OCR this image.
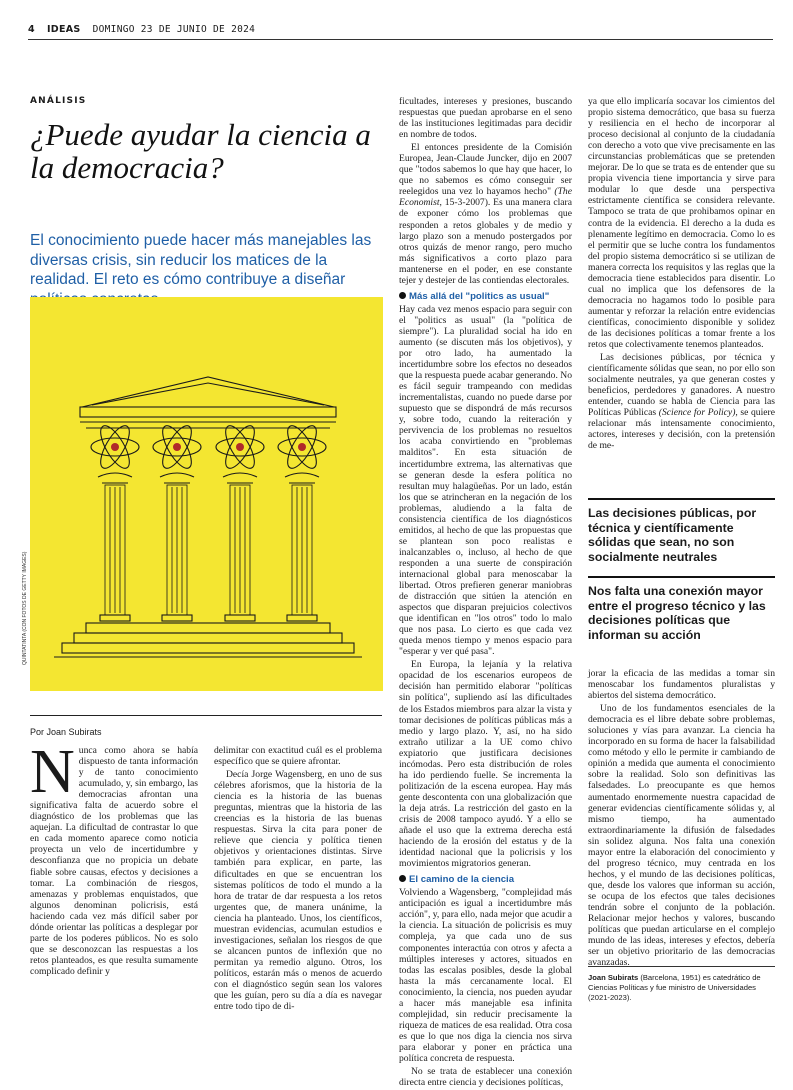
4 IDEAS DOMINGO 23 DE JUNIO DE 2024
ANÁLISIS
¿Puede ayudar la ciencia a la democracia?
El conocimiento puede hacer más manejables las diversas crisis, sin reducir los matices de la realidad. El reto es cómo contribuye a diseñar
QUINTATINTA (CON FOTOS DE GETTY IMAGES)
Por Joan Subirats

Nunca como ahora se había dispuesto de tanta información y de tanto conocimiento acumulado, y, sin embargo, las democracias afrontan una significativa falta de acuerdo sobre el diagnóstico de los problemas que las aquejan. La dificultad de contrastar lo que en cada momento aparece como noticia proyecta un velo de incertidumbre y desconfianza que no propicia un debate fiable sobre causas, efectos y decisiones a tomar. La combinación de riesgos, amenazas y problemas enquistados, que algunos denominan policrisis, está haciendo cada vez más difícil saber por dónde orientar las políticas a desplegar por parte de los poderes públicos. No es solo que se desconozcan las respuestas a los retos planteados, es que resulta sumamente complicado definir y

delimitar con exactitud cuál es el problema específico que se quiere afrontar.

Decía Jorge Wagensberg, en uno de sus célebres aforismos, que la historia de la ciencia es la historia de las buenas preguntas, mientras que la historia de las creencias es la historia de las buenas respuestas. Sirva la cita para poner de relieve que ciencia y política tienen objetivos y orientaciones distintas. Sirve también para explicar, en parte, las dificultades en que se encuentran los sistemas políticos de todo el mundo a la hora de tratar de dar respuesta a los retos urgentes que, de manera unánime, la ciencia ha planteado. Unos, los científicos, muestran evidencias, acumulan estudios e investigaciones, señalan los riesgos de que se alcancen puntos de inflexión que no permitan ya remedio alguno. Otros, los políticos, estarán más o menos de acuerdo con el diagnóstico según sean los valores que les guían, pero su día a día es navegar entre todo tipo de di-

ficultades, intereses y presiones, buscando respuestas que puedan aprobarse en el seno de las instituciones legitimadas para decidir en nombre de todos.

El entonces presidente de la Comisión Europea, Jean-Claude Juncker, dijo en 2007 que "todos sabemos lo que hay que hacer, lo que no sabemos es cómo conseguir ser reelegidos una vez lo hayamos hecho" (The Economist, 15-3-2007). Es una manera clara de exponer cómo los problemas que responden a retos globales y de medio y largo plazo son a menudo postergados por otros quizás de menor rango, pero mucho más significativos a corto plazo para mantenerse en el poder, en ese constante tejer y destejer de las contiendas electorales.

Más allá del "politics as usual"

Hay cada vez menos espacio para seguir con el "politics as usual" (la "política de siempre"). La pluralidad social ha ido en aumento (se discuten más los objetivos), y por otro lado, ha aumentado la incertidumbre sobre los efectos no deseados que la respuesta puede acabar generando. No es fácil seguir trampeando con medidas incrementalistas, cuando no puede darse por supuesto que se dispondrá de más recursos y, sobre todo, cuando la reiteración y pervivencia de los problemas no resueltos los acaba convirtiendo en "problemas malditos". En esta situación de incertidumbre extrema, las alternativas que se generan desde la esfera política no resultan muy halagüeñas. Por un lado, están los que se atrincheran en la negación de los problemas, aludiendo a la falta de consistencia científica de los diagnósticos emitidos, al hecho de que las propuestas que se plantean son poco realistas e inalcanzables o, incluso, al hecho de que responden a una suerte de conspiración internacional global para menoscabar la libertad. Otros prefieren generar maniobras de distracción que sitúen la atención en aspectos que disparan prejuicios colectivos que identifican en "los otros" todo lo malo que nos pasa. Lo cierto es que cada vez queda menos tiempo y menos espacio para "esperar y ver qué pasa".

En Europa, la lejanía y la relativa opacidad de los escenarios europeos de decisión han permitido elaborar "políticas sin política", supliendo así las dificultades de los Estados miembros para alzar la vista y tomar decisiones de políticas públicas más a medio y largo plazo. Y, así, no ha sido extraño utilizar a la UE como chivo expiatorio que justificara decisiones incómodas. Pero esta distribución de roles ha ido perdiendo fuelle. Se incrementa la politización de la escena europea. Hay más gente descontenta con una globalización que la deja atrás. La restricción del gasto en la crisis de 2008 tampoco ayudó. Y a ello se añade el uso que la extrema derecha está haciendo de la erosión del estatus y de la identidad nacional que la policrisis y los movimientos migratorios generan.

El camino de la ciencia

Volviendo a Wagensberg, "complejidad más anticipación es igual a incertidumbre más acción", y, para ello, nada mejor que acudir a la ciencia. La situación de policrisis es muy compleja, ya que cada uno de sus componentes interactúa con otros y afecta a múltiples intereses y actores, situados en todas las escalas posibles, desde la global hasta la más cercanamente local. El conocimiento, la ciencia, nos pueden ayudar a hacer más manejable esa infinita complejidad, sin reducir precisamente la riqueza de matices de esa realidad. Otra cosa es que lo que nos diga la ciencia nos sirva para elaborar y poner en práctica una política concreta de respuesta.

No se trata de establecer una conexión directa entre ciencia y decisiones políticas,

ya que ello implicaría socavar los cimientos del propio sistema democrático, que basa su fuerza y resiliencia en el hecho de incorporar al proceso decisional al conjunto de la ciudadanía con derecho a voto que vive precisamente en las circunstancias problemáticas que se pretenden mejorar. De lo que se trata es de entender que su propia vivencia tiene importancia y sirve para modular lo que desde una perspectiva estrictamente científica se considera relevante. Tampoco se trata de que prohibamos opinar en contra de la evidencia. El derecho a la duda es plenamente legítimo en democracia. Como lo es el permitir que se luche contra los fundamentos del propio sistema democrático si se utilizan de manera correcta los requisitos y las reglas que la democracia tiene establecidos para disentir. Lo cual no implica que los defensores de la democracia no hagamos todo lo posible para aumentar y reforzar la relación entre evidencias científicas, conocimiento disponible y solidez de las decisiones políticas a tomar frente a los retos que colectivamente tenemos planteados.

Las decisiones públicas, por técnica y científicamente sólidas que sean, no por ello son socialmente neutrales, ya que generan costes y beneficios, perdedores y ganadores. A nuestro entender, cuando se habla de Ciencia para las Políticas Públicas (Science for Policy), se quiere relacionar más intensamente conocimiento, actores, intereses y decisión, con la pretensión de me-

Las decisiones públicas, por técnica y científicamente sólidas que sean, no son socialmente neutrales
Nos falta una conexión mayor entre el progreso técnico y las decisiones políticas que informan su acción

jorar la eficacia de las medidas a tomar sin menoscabar los fundamentos pluralistas y abiertos del sistema democrático.

Uno de los fundamentos esenciales de la democracia es el libre debate sobre problemas, soluciones y vías para avanzar. La ciencia ha incorporado en su forma de hacer la falsabilidad como método y ello le permite ir cambiando de opinión a medida que aumenta el conocimiento sobre la realidad. Solo son definitivas las falsedades. Lo preocupante es que hemos aumentado enormemente nuestra capacidad de generar evidencias científicamente sólidas y, al mismo tiempo, ha aumentado extraordinariamente la difusión de falsedades sin solidez alguna. Nos falta una conexión mayor entre la elaboración del conocimiento y del progreso técnico, muy centrada en los hechos, y el mundo de las decisiones políticas, que, desde los valores que informan su acción, se ocupa de los efectos que tales decisiones tendrán sobre el conjunto de la población. Relacionar mejor hechos y valores, buscando políticas que puedan articularse en el complejo mundo de las ideas, intereses y efectos, debería ser un objetivo prioritario de las democracias avanzadas.

Joan Subirats (Barcelona, 1951) es catedrático de Ciencias Políticas y fue ministro de Universidades (2021-2023).
